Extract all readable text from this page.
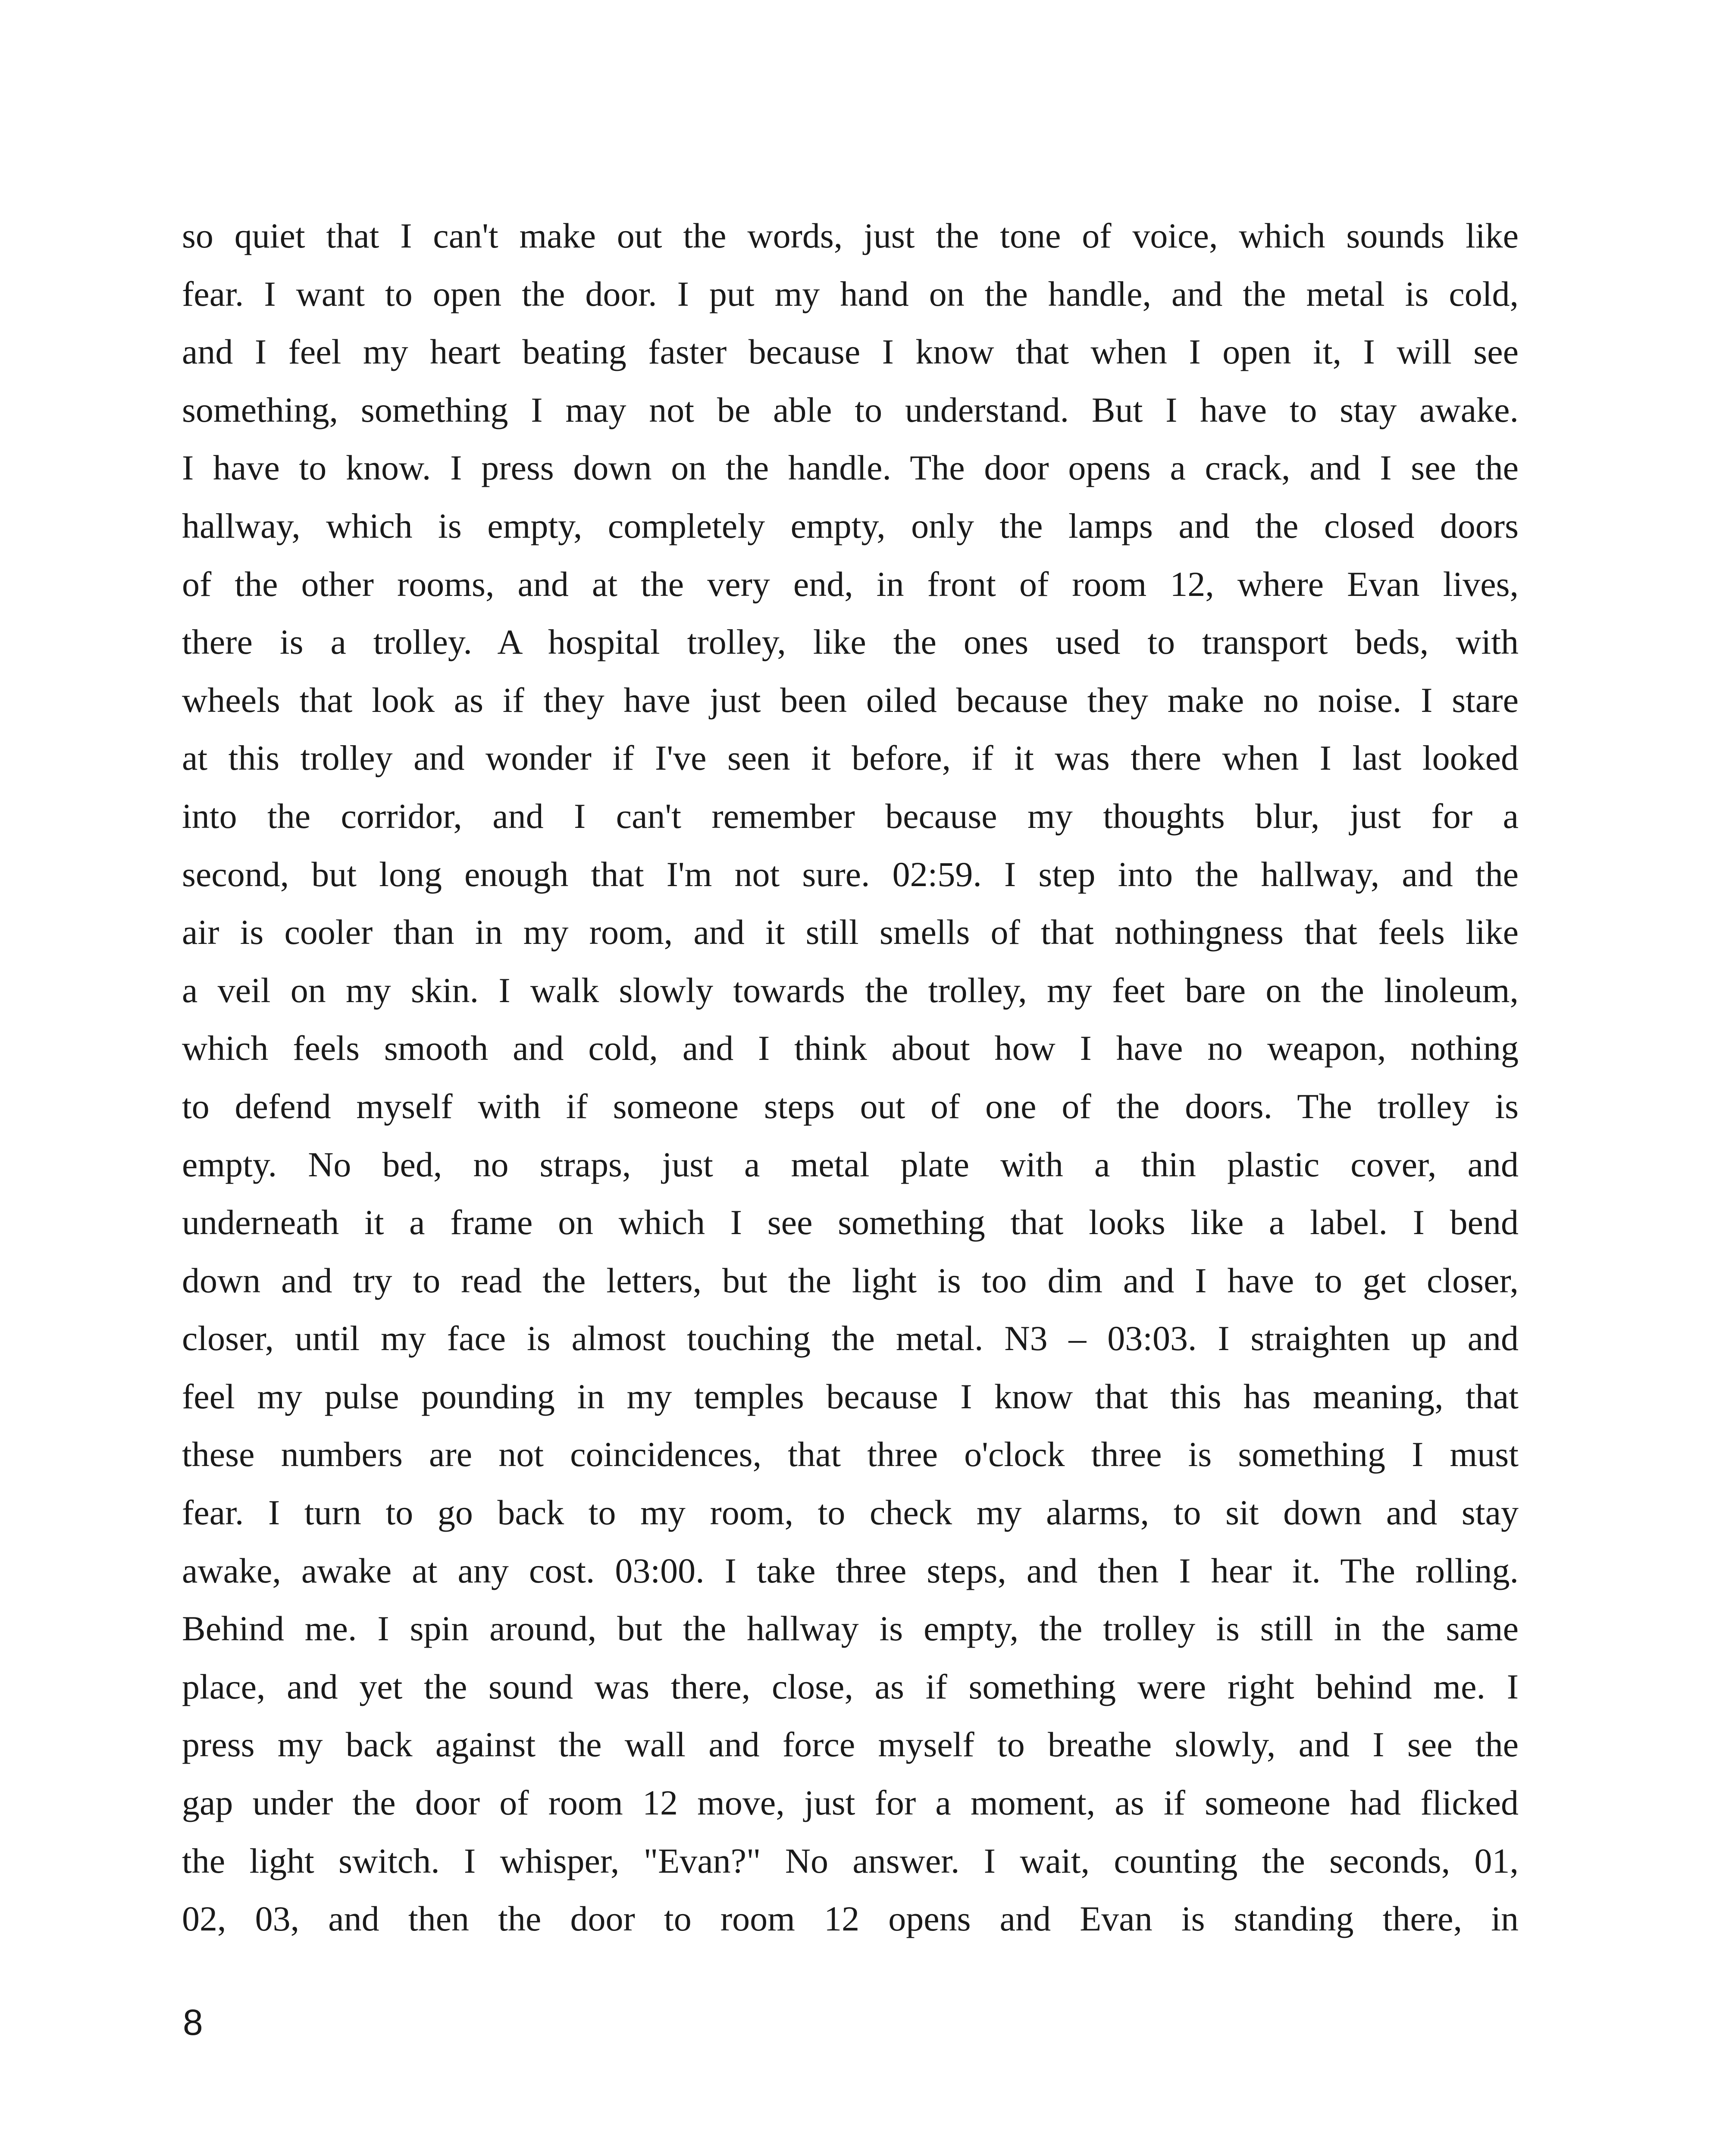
so quiet that I can't make out the words, just the tone of voice, which sounds like
fear. I want to open the door. I put my hand on the handle, and the metal is cold,
and I feel my heart beating faster because I know that when I open it, I will see
something, something I may not be able to understand. But I have to stay awake.
I have to know. I press down on the handle. The door opens a crack, and I see the
hallway, which is empty, completely empty, only the lamps and the closed doors
of the other rooms, and at the very end, in front of room 12, where Evan lives,
there is a trolley. A hospital trolley, like the ones used to transport beds, with
wheels that look as if they have just been oiled because they make no noise. I stare
at this trolley and wonder if I've seen it before, if it was there when I last looked
into the corridor, and I can't remember because my thoughts blur, just for a
second, but long enough that I'm not sure. 02:59. I step into the hallway, and the
air is cooler than in my room, and it still smells of that nothingness that feels like
a veil on my skin. I walk slowly towards the trolley, my feet bare on the linoleum,
which feels smooth and cold, and I think about how I have no weapon, nothing
to defend myself with if someone steps out of one of the doors. The trolley is
empty. No bed, no straps, just a metal plate with a thin plastic cover, and
underneath it a frame on which I see something that looks like a label. I bend
down and try to read the letters, but the light is too dim and I have to get closer,
closer, until my face is almost touching the metal. N3 – 03:03. I straighten up and
feel my pulse pounding in my temples because I know that this has meaning, that
these numbers are not coincidences, that three o'clock three is something I must
fear. I turn to go back to my room, to check my alarms, to sit down and stay
awake, awake at any cost. 03:00. I take three steps, and then I hear it. The rolling.
Behind me. I spin around, but the hallway is empty, the trolley is still in the same
place, and yet the sound was there, close, as if something were right behind me. I
press my back against the wall and force myself to breathe slowly, and I see the
gap under the door of room 12 move, just for a moment, as if someone had flicked
the light switch. I whisper, "Evan?" No answer. I wait, counting the seconds, 01,
02, 03, and then the door to room 12 opens and Evan is standing there, in
8
